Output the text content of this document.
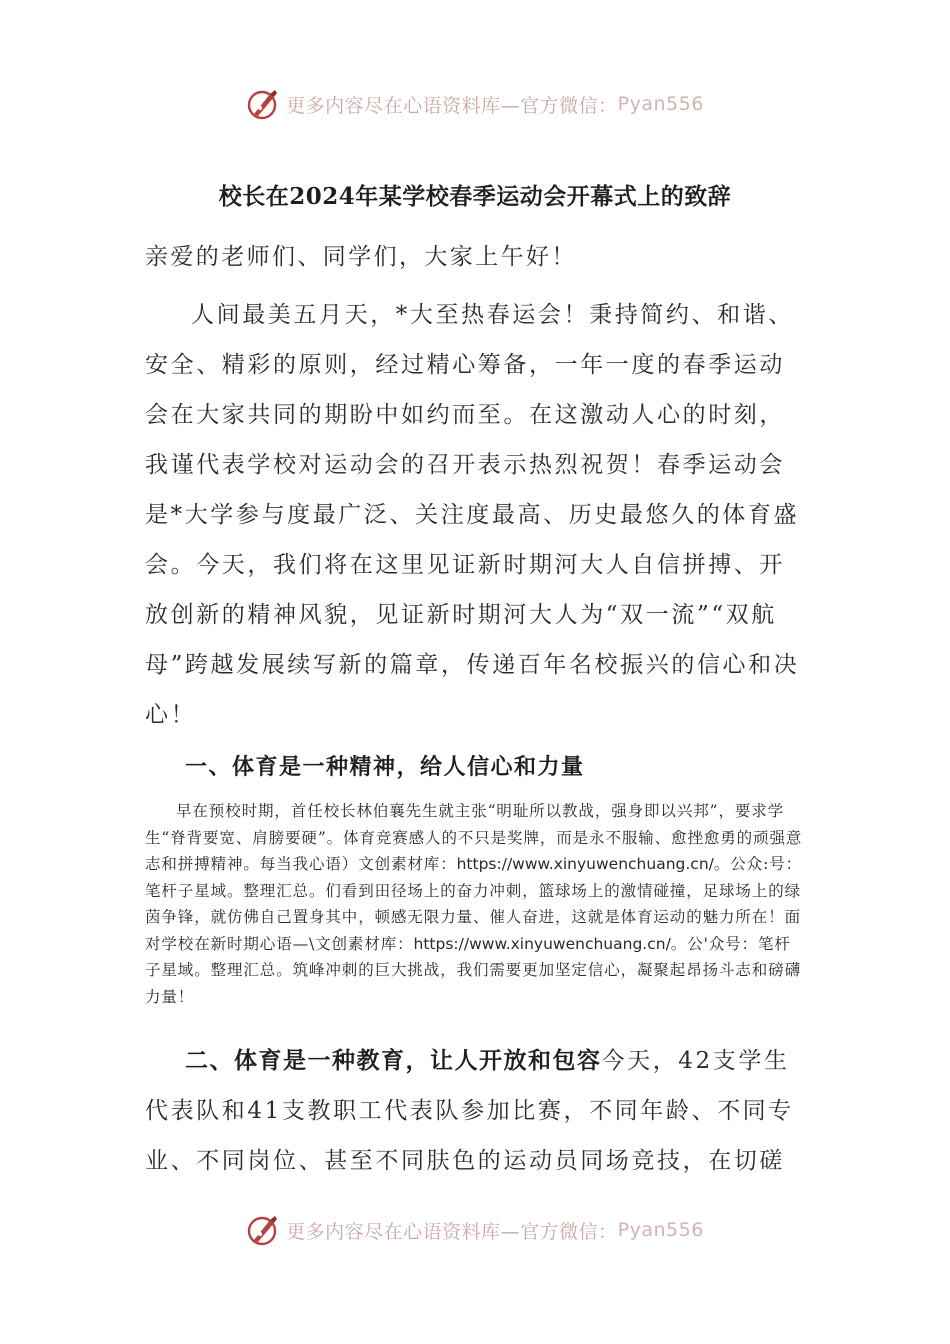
更多内容尽在心语资料库—官方微信： Pyan556
校长在2024年某学校春季运动会开幕式上的致辞

亲爱的老师们、同学们，大家上午好！

人间最美五月天，*大至热春运会！秉持简约、和谐、安全、精彩的原则，经过精心筹备，一年一度的春季运动会在大家共同的期盼中如约而至。在这激动人心的时刻，我谨代表学校对运动会的召开表示热烈祝贺！春季运动会是*大学参与度最广泛、关注度最高、历史最悠久的体育盛会。今天，我们将在这里见证新时期河大人自信拼搏、开放创新的精神风貌，见证新时期河大人为“双一流”“双航母”跨越发展续写新的篇章，传递百年名校振兴的信心和决心！

一、体育是一种精神，给人信心和力量

早在预校时期，首任校长林伯襄先生就主张“明耻所以教战，强身即以兴邦”，要求学生“脊背要宽、肩膀要硬”。体育竞赛感人的不只是奖牌，而是永不服输、愈挫愈勇的顽强意志和拼搏精神。每当我心语）文创素材库：https://www.xinyuwenchuang.cn/。公众:号：笔杆子星域。整理汇总。们看到田径场上的奋力冲刺，篮球场上的激情碰撞，足球场上的绿茵争锋，就仿佛自己置身其中，顿感无限力量、催人奋进，这就是体育运动的魅力所在！面对学校在新时期心语—\文创素材库：https://www.xinyuwenchuang.cn/。公'众号：笔杆子星域。整理汇总。筑峰冲刺的巨大挑战，我们需要更加坚定信心，凝聚起昂扬斗志和磅礴力量！

二、体育是一种教育，让人开放和包容今天，42支学生代表队和41支教职工代表队参加比赛，不同年龄、不同专业、不同岗位、甚至不同肤色的运动员同场竞技，在切磋

更多内容尽在心语资料库—官方微信： Pyan556
